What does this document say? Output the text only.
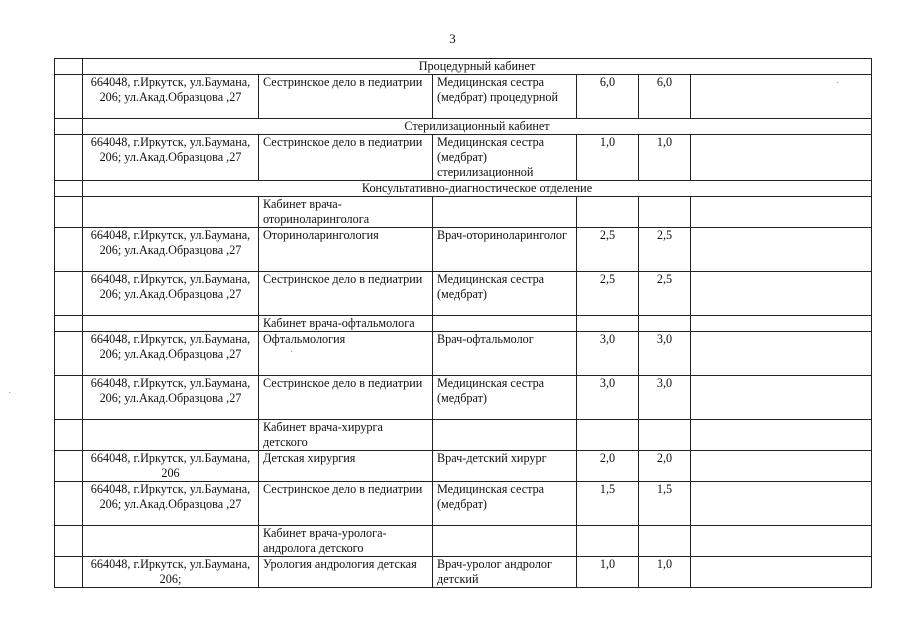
3
	Процедурный кабинет					
	664048, г.Иркутск, ул.Баумана, 206; ул.Акад.Образцова ,27	Сестринское дело в педиатрии	Медицинская сестра (медбрат) процедурной	6,0	6,0	
	Стерилизационный кабинет					
	664048, г.Иркутск, ул.Баумана, 206; ул.Акад.Образцова ,27	Сестринское дело в педиатрии	Медицинская сестра (медбрат) стерилизационной	1,0	1,0	
	Консультативно-диагностическое отделение					
		Кабинет врача-оториноларинголога				
	664048, г.Иркутск, ул.Баумана, 206; ул.Акад.Образцова ,27	Оториноларингология	Врач-оториноларинголог	2,5	2,5	
	664048, г.Иркутск, ул.Баумана, 206; ул.Акад.Образцова ,27	Сестринское дело в педиатрии	Медицинская сестра (медбрат)	2,5	2,5	
		Кабинет врача-офтальмолога				
	664048, г.Иркутск, ул.Баумана, 206; ул.Акад.Образцова ,27	Офтальмология	Врач-офтальмолог	3,0	3,0	
	664048, г.Иркутск, ул.Баумана, 206; ул.Акад.Образцова ,27	Сестринское дело в педиатрии	Медицинская сестра (медбрат)	3,0	3,0	
		Кабинет врача-хирурга детского				
	664048, г.Иркутск, ул.Баумана, 206	Детская хирургия	Врач-детский хирург	2,0	2,0	
	664048, г.Иркутск, ул.Баумана, 206; ул.Акад.Образцова ,27	Сестринское дело в педиатрии	Медицинская сестра (медбрат)	1,5	1,5	
		Кабинет врача-уролога-андролога детского				
	664048, г.Иркутск, ул.Баумана, 206;	Урология андрология детская	Врач-уролог андролог детский	1,0	1,0	
·
·
·
